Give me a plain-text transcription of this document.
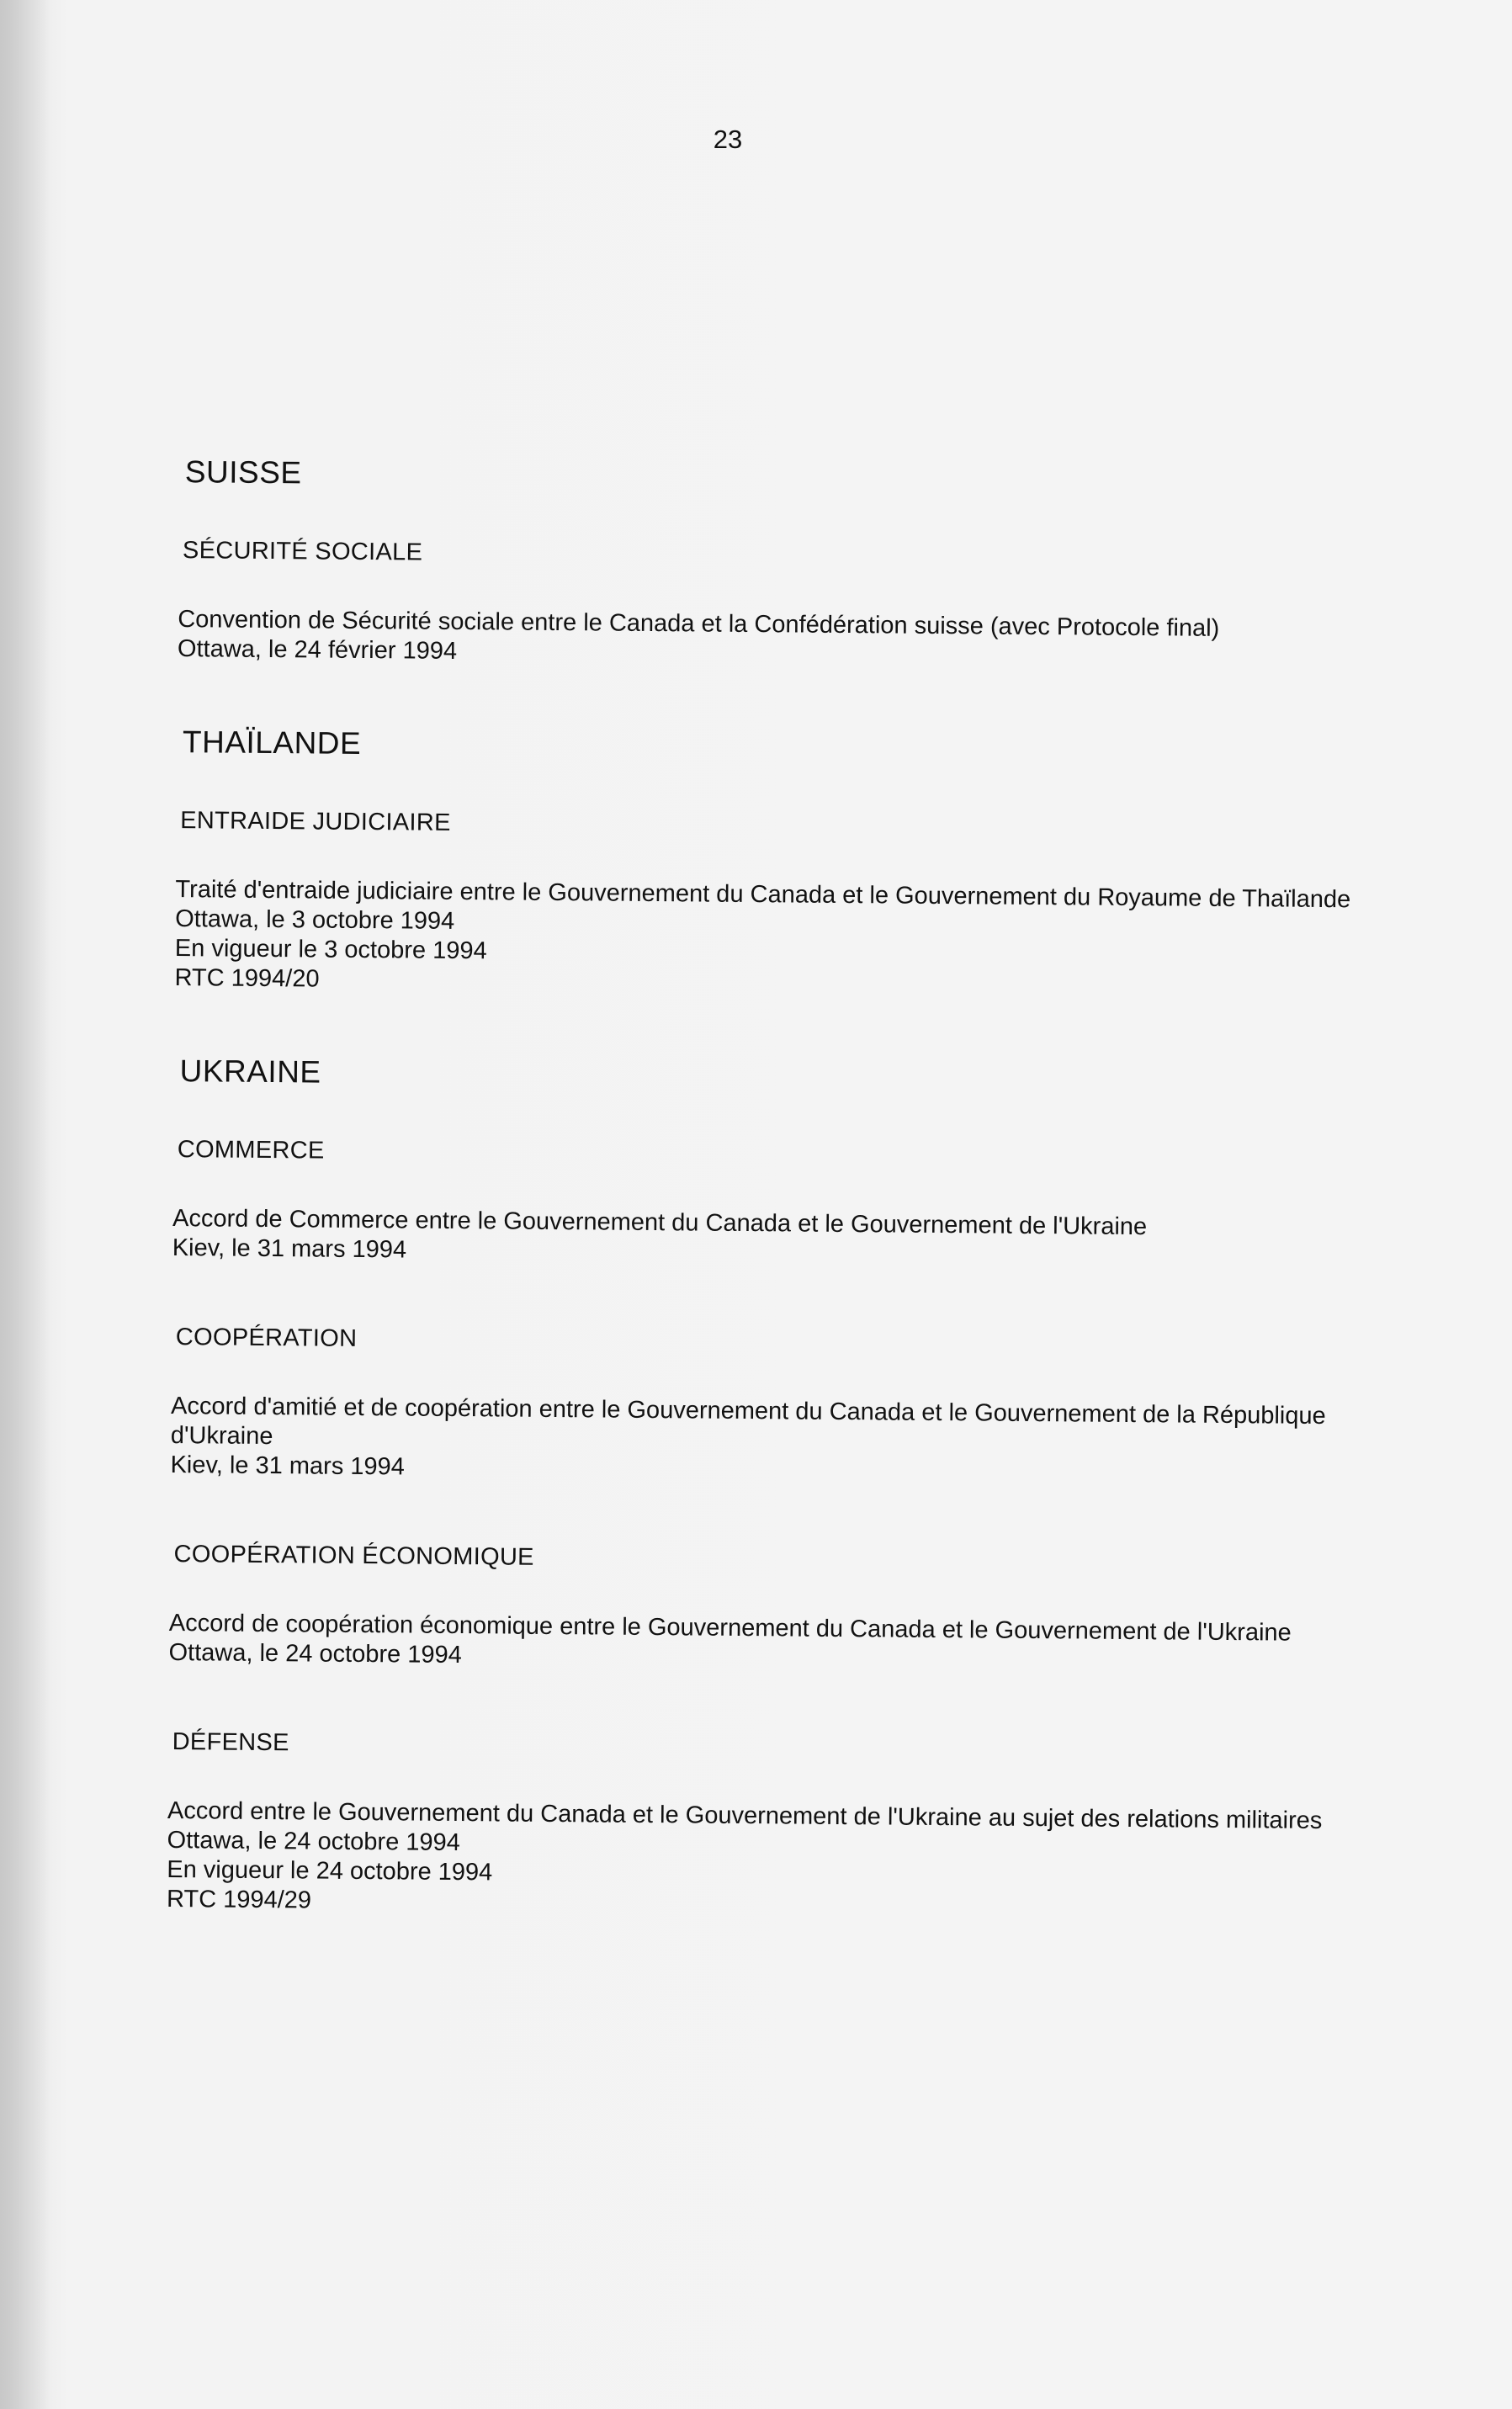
23
SUISSE
SÉCURITÉ SOCIALE
Convention de Sécurité sociale entre le Canada et la Confédération suisse (avec Protocole final)
Ottawa, le 24 février 1994
THAÏLANDE
ENTRAIDE JUDICIAIRE
Traité d'entraide judiciaire entre le Gouvernement du Canada et le Gouvernement du Royaume de Thaïlande
Ottawa, le 3 octobre 1994
En vigueur le 3 octobre 1994
RTC 1994/20
UKRAINE
COMMERCE
Accord de Commerce entre le Gouvernement du Canada et le Gouvernement de l'Ukraine
Kiev, le 31 mars 1994
COOPÉRATION
Accord d'amitié et de coopération entre le Gouvernement du Canada et le Gouvernement de la République d'Ukraine
Kiev, le 31 mars 1994
COOPÉRATION ÉCONOMIQUE
Accord de coopération économique entre le Gouvernement du Canada et le Gouvernement de l'Ukraine
Ottawa, le 24 octobre 1994
DÉFENSE
Accord entre le Gouvernement du Canada et le Gouvernement de l'Ukraine au sujet des relations militaires
Ottawa, le 24 octobre 1994
En vigueur le 24 octobre 1994
RTC 1994/29
